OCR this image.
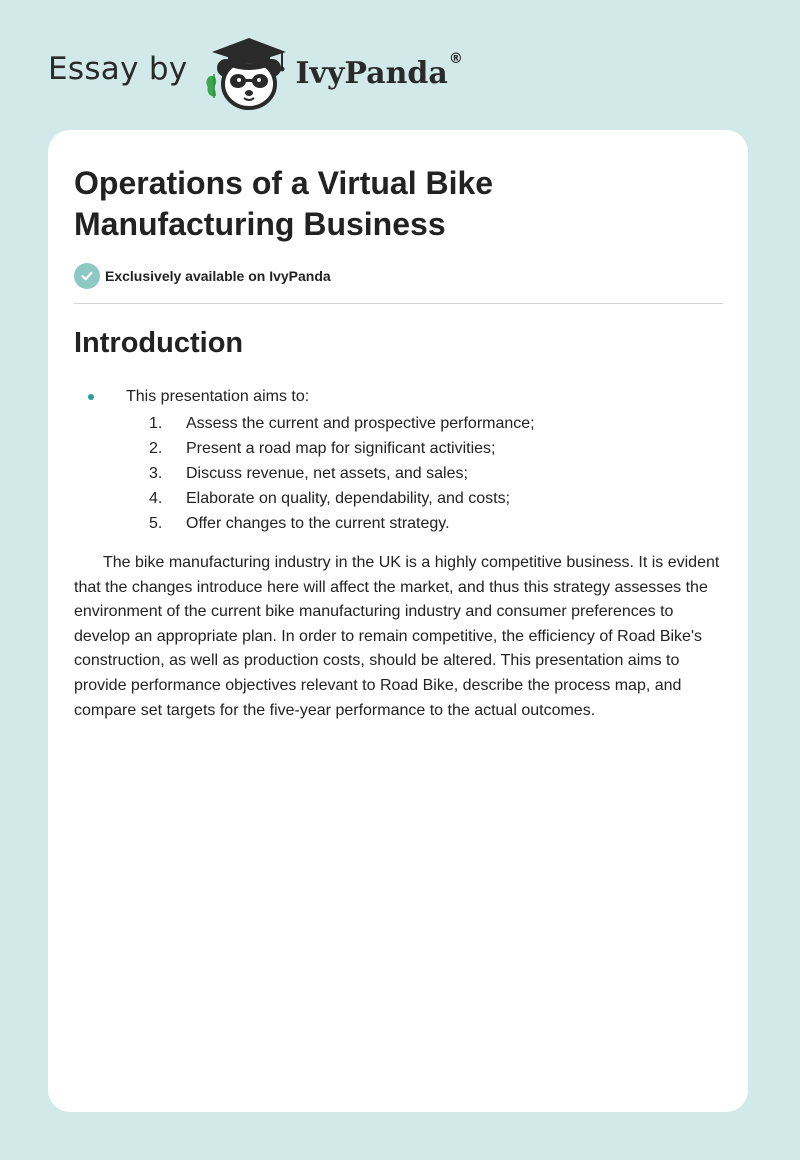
Essay by	IvyPanda ®
Operations of a Virtual Bike Manufacturing Business
Exclusively available on IvyPanda
Introduction
This presentation aims to:
1. Assess the current and prospective performance;
2. Present a road map for significant activities;
3. Discuss revenue, net assets, and sales;
4. Elaborate on quality, dependability, and costs;
5. Offer changes to the current strategy.

The bike manufacturing industry in the UK is a highly competitive business. It is evident that the changes introduce here will affect the market, and thus this strategy assesses the environment of the current bike manufacturing industry and consumer preferences to develop an appropriate plan. In order to remain competitive, the efficiency of Road Bike's construction, as well as production costs, should be altered. This presentation aims to provide performance objectives relevant to Road Bike, describe the process map, and compare set targets for the five-year performance to the actual outcomes.
